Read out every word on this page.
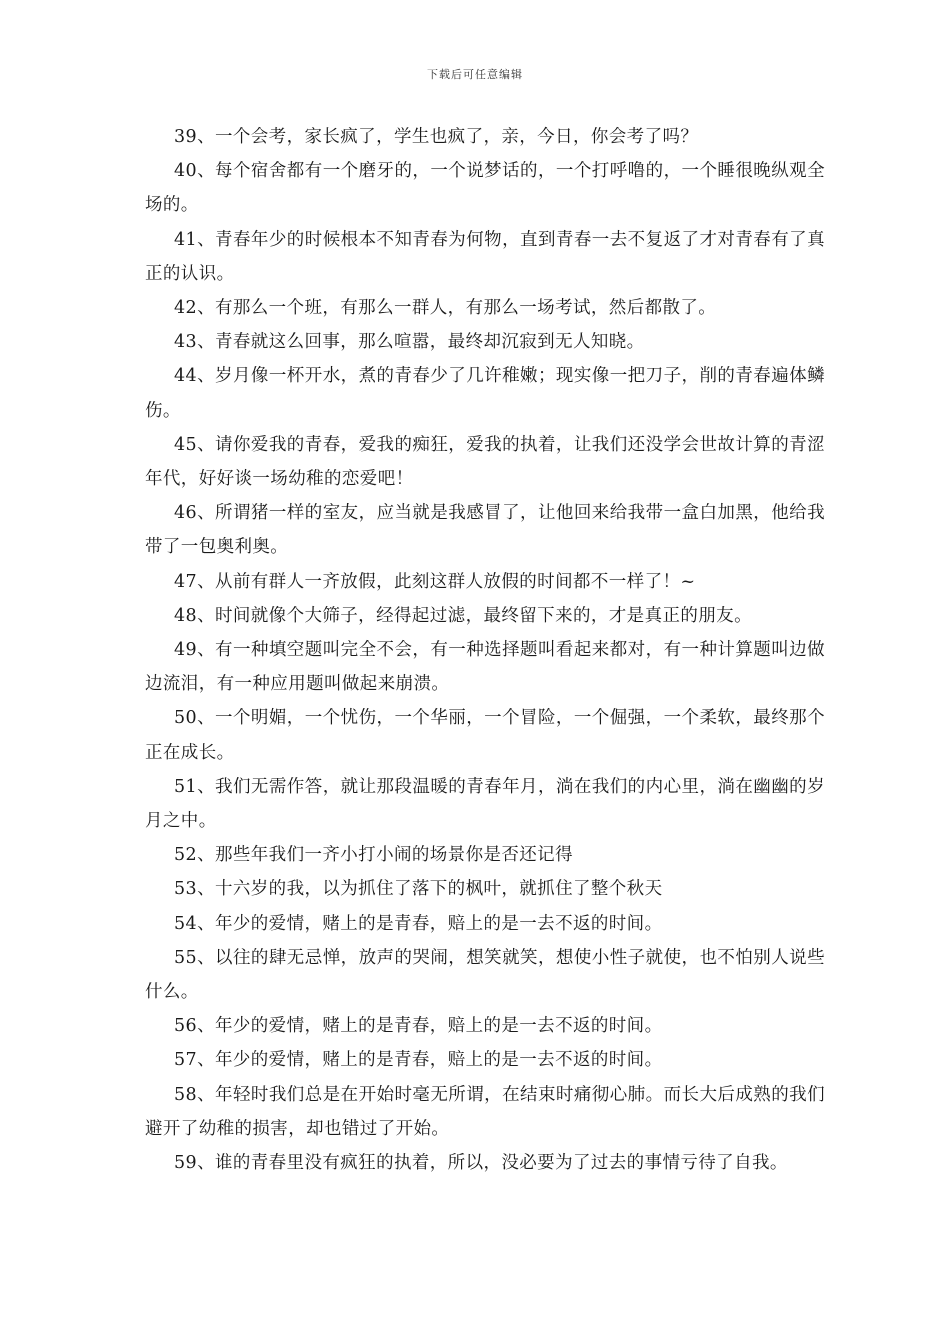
下载后可任意编辑

39、一个会考，家长疯了，学生也疯了，亲，今日，你会考了吗？

40、每个宿舍都有一个磨牙的，一个说梦话的，一个打呼噜的，一个睡很晚纵观全场的。

41、青春年少的时候根本不知青春为何物，直到青春一去不复返了才对青春有了真正的认识。

42、有那么一个班，有那么一群人，有那么一场考试，然后都散了。

43、青春就这么回事，那么喧嚣，最终却沉寂到无人知晓。

44、岁月像一杯开水，煮的青春少了几许稚嫩；现实像一把刀子，削的青春遍体鳞伤。

45、请你爱我的青春，爱我的痴狂，爱我的执着，让我们还没学会世故计算的青涩年代，好好谈一场幼稚的恋爱吧！

46、所谓猪一样的室友，应当就是我感冒了，让他回来给我带一盒白加黑，他给我带了一包奥利奥。

47、从前有群人一齐放假，此刻这群人放假的时间都不一样了！~

48、时间就像个大筛子，经得起过滤，最终留下来的，才是真正的朋友。

49、有一种填空题叫完全不会，有一种选择题叫看起来都对，有一种计算题叫边做边流泪，有一种应用题叫做起来崩溃。

50、一个明媚，一个忧伤，一个华丽，一个冒险，一个倔强，一个柔软，最终那个正在成长。

51、我们无需作答，就让那段温暖的青春年月，淌在我们的内心里，淌在幽幽的岁月之中。

52、那些年我们一齐小打小闹的场景你是否还记得

53、十六岁的我，以为抓住了落下的枫叶，就抓住了整个秋天

54、年少的爱情，赌上的是青春，赔上的是一去不返的时间。

55、以往的肆无忌惮，放声的哭闹，想笑就笑，想使小性子就使，也不怕别人说些什么。

56、年少的爱情，赌上的是青春，赔上的是一去不返的时间。

57、年少的爱情，赌上的是青春，赔上的是一去不返的时间。

58、年轻时我们总是在开始时毫无所谓，在结束时痛彻心肺。而长大后成熟的我们避开了幼稚的损害，却也错过了开始。

59、谁的青春里没有疯狂的执着，所以，没必要为了过去的事情亏待了自我。
